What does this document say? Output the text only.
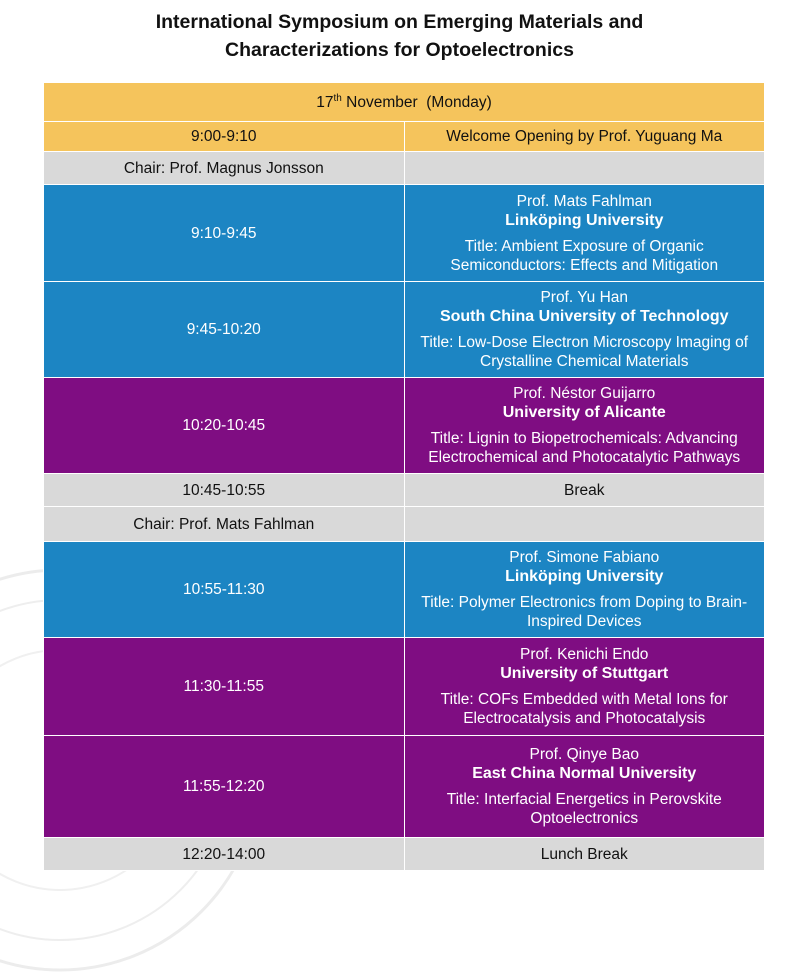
International Symposium on Emerging Materials and
Characterizations for Optoelectronics
17th November  (Monday)	
9:00-9:10	Welcome Opening by Prof. Yuguang Ma
Chair: Prof. Magnus Jonsson	
9:10-9:45	Prof. Mats Fahlman
Linköping University
Title: Ambient Exposure of Organic Semiconductors: Effects and Mitigation

9:45-10:20	Prof. Yu Han
South China University of Technology
Title: Low-Dose Electron Microscopy Imaging of Crystalline Chemical Materials

10:20-10:45	Prof. Néstor Guijarro
University of Alicante
Title: Lignin to Biopetrochemicals: Advancing Electrochemical and Photocatalytic Pathways

10:45-10:55	Break
Chair: Prof. Mats Fahlman	
10:55-11:30	Prof. Simone Fabiano
Linköping University
Title: Polymer Electronics from Doping to Brain-Inspired Devices

11:30-11:55	Prof. Kenichi Endo
University of Stuttgart
Title: COFs Embedded with Metal Ions for Electrocatalysis and Photocatalysis

11:55-12:20	Prof. Qinye Bao
East China Normal University
Title: Interfacial Energetics in Perovskite Optoelectronics

12:20-14:00	Lunch Break
